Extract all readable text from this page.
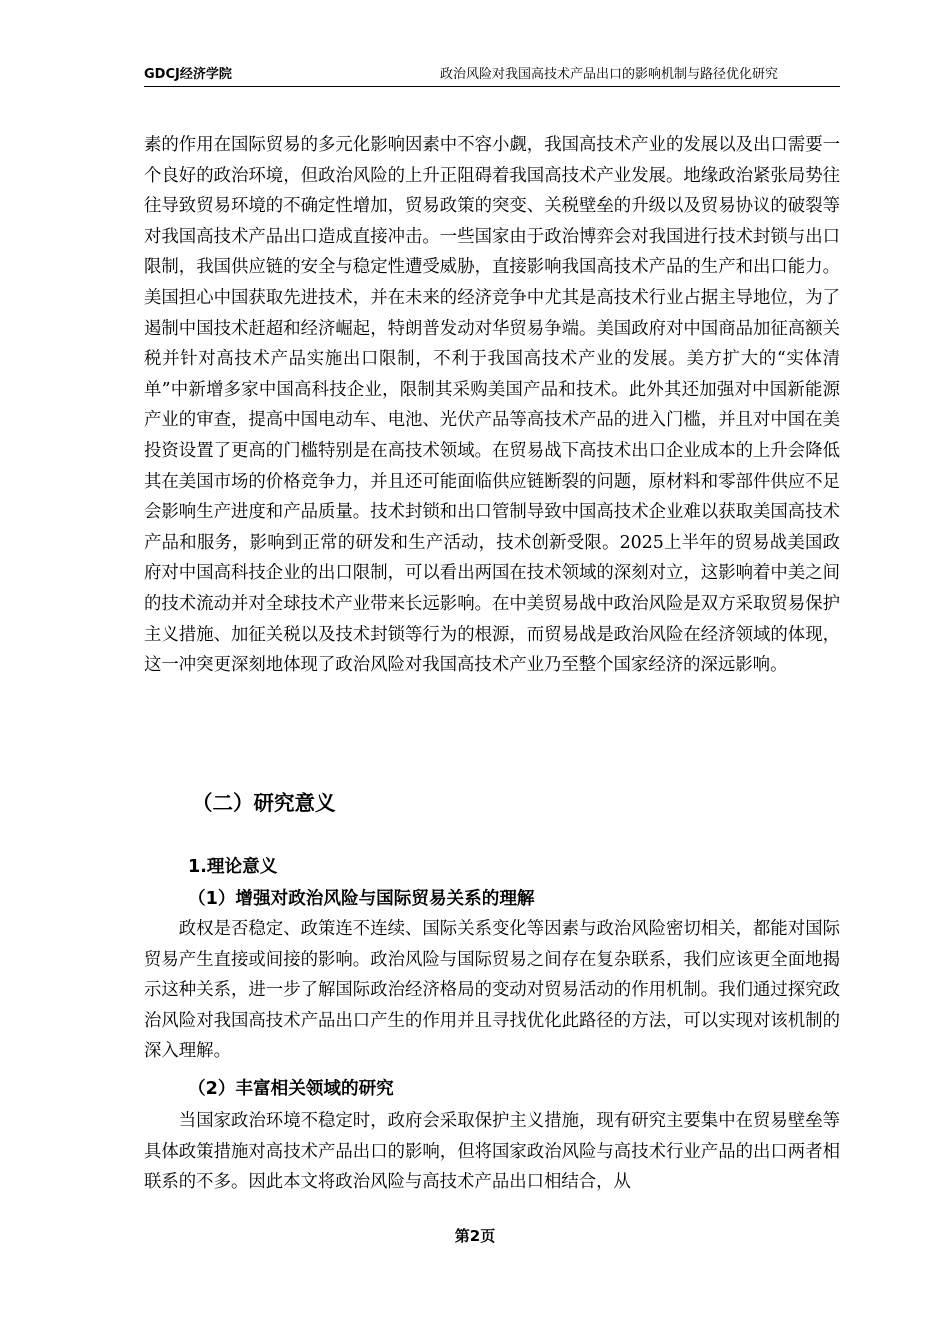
GDCJ经济学院	政治风险对我国高技术产品出口的影响机制与路径优化研究

素的作用在国际贸易的多元化影响因素中不容小觑，我国高技术产业的发展以及出口需要一个良好的政治环境，但政治风险的上升正阻碍着我国高技术产业发展。地缘政治紧张局势往往导致贸易环境的不确定性增加，贸易政策的突变、关税壁垒的升级以及贸易协议的破裂等对我国高技术产品出口造成直接冲击。一些国家由于政治博弈会对我国进行技术封锁与出口限制，我国供应链的安全与稳定性遭受威胁，直接影响我国高技术产品的生产和出口能力。美国担心中国获取先进技术，并在未来的经济竞争中尤其是高技术行业占据主导地位，为了遏制中国技术赶超和经济崛起，特朗普发动对华贸易争端。美国政府对中国商品加征高额关税并针对高技术产品实施出口限制，不利于我国高技术产业的发展。美方扩大的“实体清单”中新增多家中国高科技企业，限制其采购美国产品和技术。此外其还加强对中国新能源产业的审查，提高中国电动车、电池、光伏产品等高技术产品的进入门槛，并且对中国在美投资设置了更高的门槛特别是在高技术领域。在贸易战下高技术出口企业成本的上升会降低其在美国市场的价格竞争力，并且还可能面临供应链断裂的问题，原材料和零部件供应不足会影响生产进度和产品质量。技术封锁和出口管制导致中国高技术企业难以获取美国高技术产品和服务，影响到正常的研发和生产活动，技术创新受限。2025上半年的贸易战美国政府对中国高科技企业的出口限制，可以看出两国在技术领域的深刻对立，这影响着中美之间的技术流动并对全球技术产业带来长远影响。在中美贸易战中政治风险是双方采取贸易保护主义措施、加征关税以及技术封锁等行为的根源，而贸易战是政治风险在经济领域的体现，这一冲突更深刻地体现了政治风险对我国高技术产业乃至整个国家经济的深远影响。

（二）研究意义
1.理论意义
（1）增强对政治风险与国际贸易关系的理解

政权是否稳定、政策连不连续、国际关系变化等因素与政治风险密切相关，都能对国际贸易产生直接或间接的影响。政治风险与国际贸易之间存在复杂联系，我们应该更全面地揭示这种关系，进一步了解国际政治经济格局的变动对贸易活动的作用机制。我们通过探究政治风险对我国高技术产品出口产生的作用并且寻找优化此路径的方法，可以实现对该机制的深入理解。

（2）丰富相关领域的研究

当国家政治环境不稳定时，政府会采取保护主义措施，现有研究主要集中在贸易壁垒等具体政策措施对高技术产品出口的影响，但将国家政治风险与高技术行业产品的出口两者相联系的不多。因此本文将政治风险与高技术产品出口相结合，从

第2页
